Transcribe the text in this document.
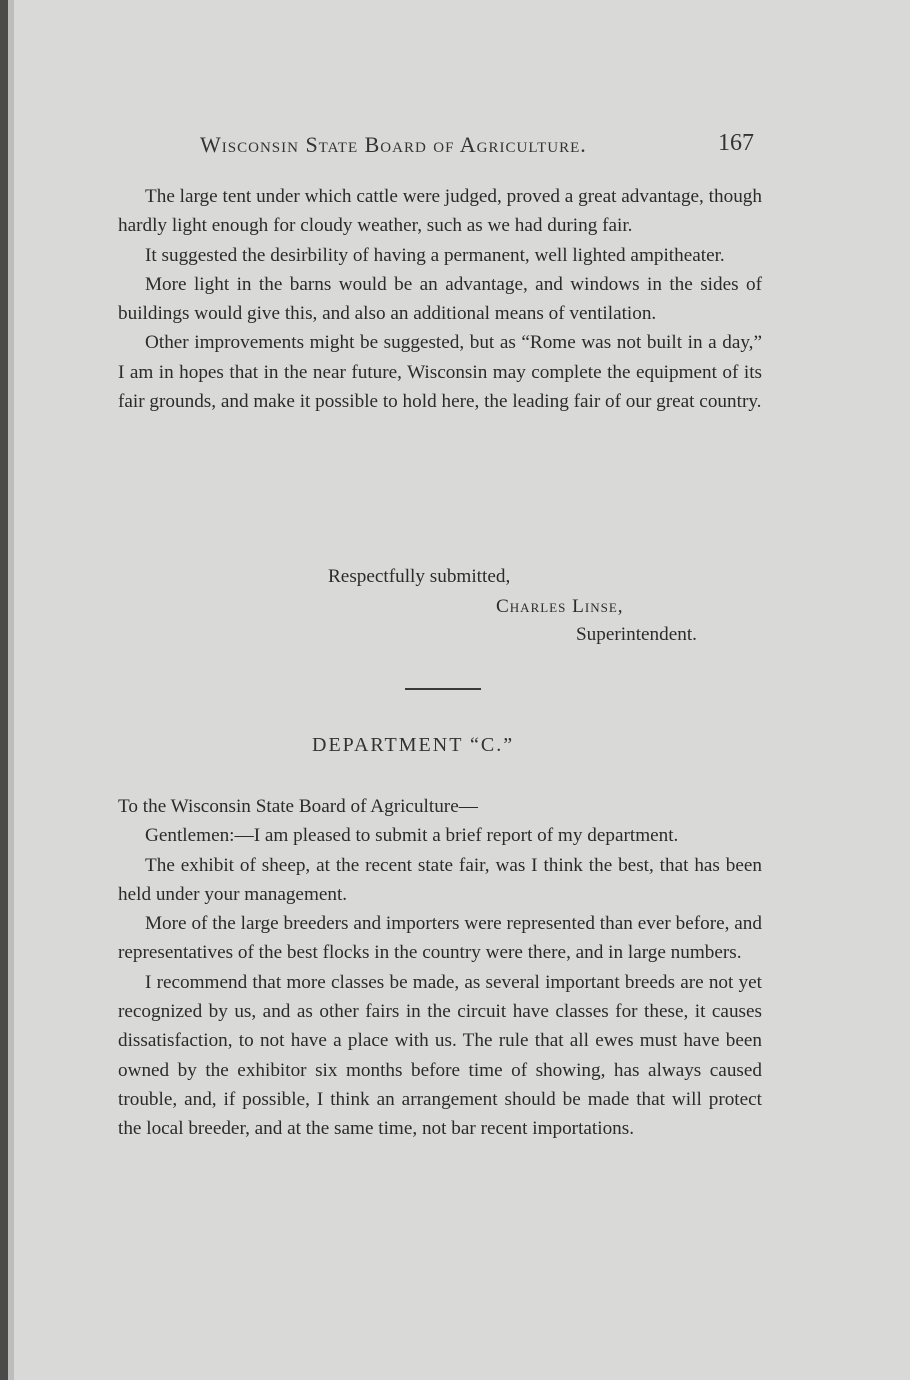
Wisconsin State Board of Agriculture.	167

The large tent under which cattle were judged, proved a great advantage, though hardly light enough for cloudy weather, such as we had during fair.

It suggested the desirbility of having a permanent, well lighted ampitheater.

More light in the barns would be an advantage, and windows in the sides of buildings would give this, and also an additional means of ventilation.

Other improvements might be suggested, but as “Rome was not built in a day,” I am in hopes that in the near future, Wisconsin may complete the equipment of its fair grounds, and make it possible to hold here, the leading fair of our great country.

Respectfully submitted,
Charles Linse,
Superintendent.
DEPARTMENT “C.”

To the Wisconsin State Board of Agriculture—

Gentlemen:—I am pleased to submit a brief report of my department.

The exhibit of sheep, at the recent state fair, was I think the best, that has been held under your management.

More of the large breeders and importers were represented than ever before, and representatives of the best flocks in the country were there, and in large numbers.

I recommend that more classes be made, as several important breeds are not yet recognized by us, and as other fairs in the circuit have classes for these, it causes dissatisfaction, to not have a place with us. The rule that all ewes must have been owned by the exhibitor six months before time of showing, has always caused trouble, and, if possible, I think an arrangement should be made that will protect the local breeder, and at the same time, not bar recent importations.
